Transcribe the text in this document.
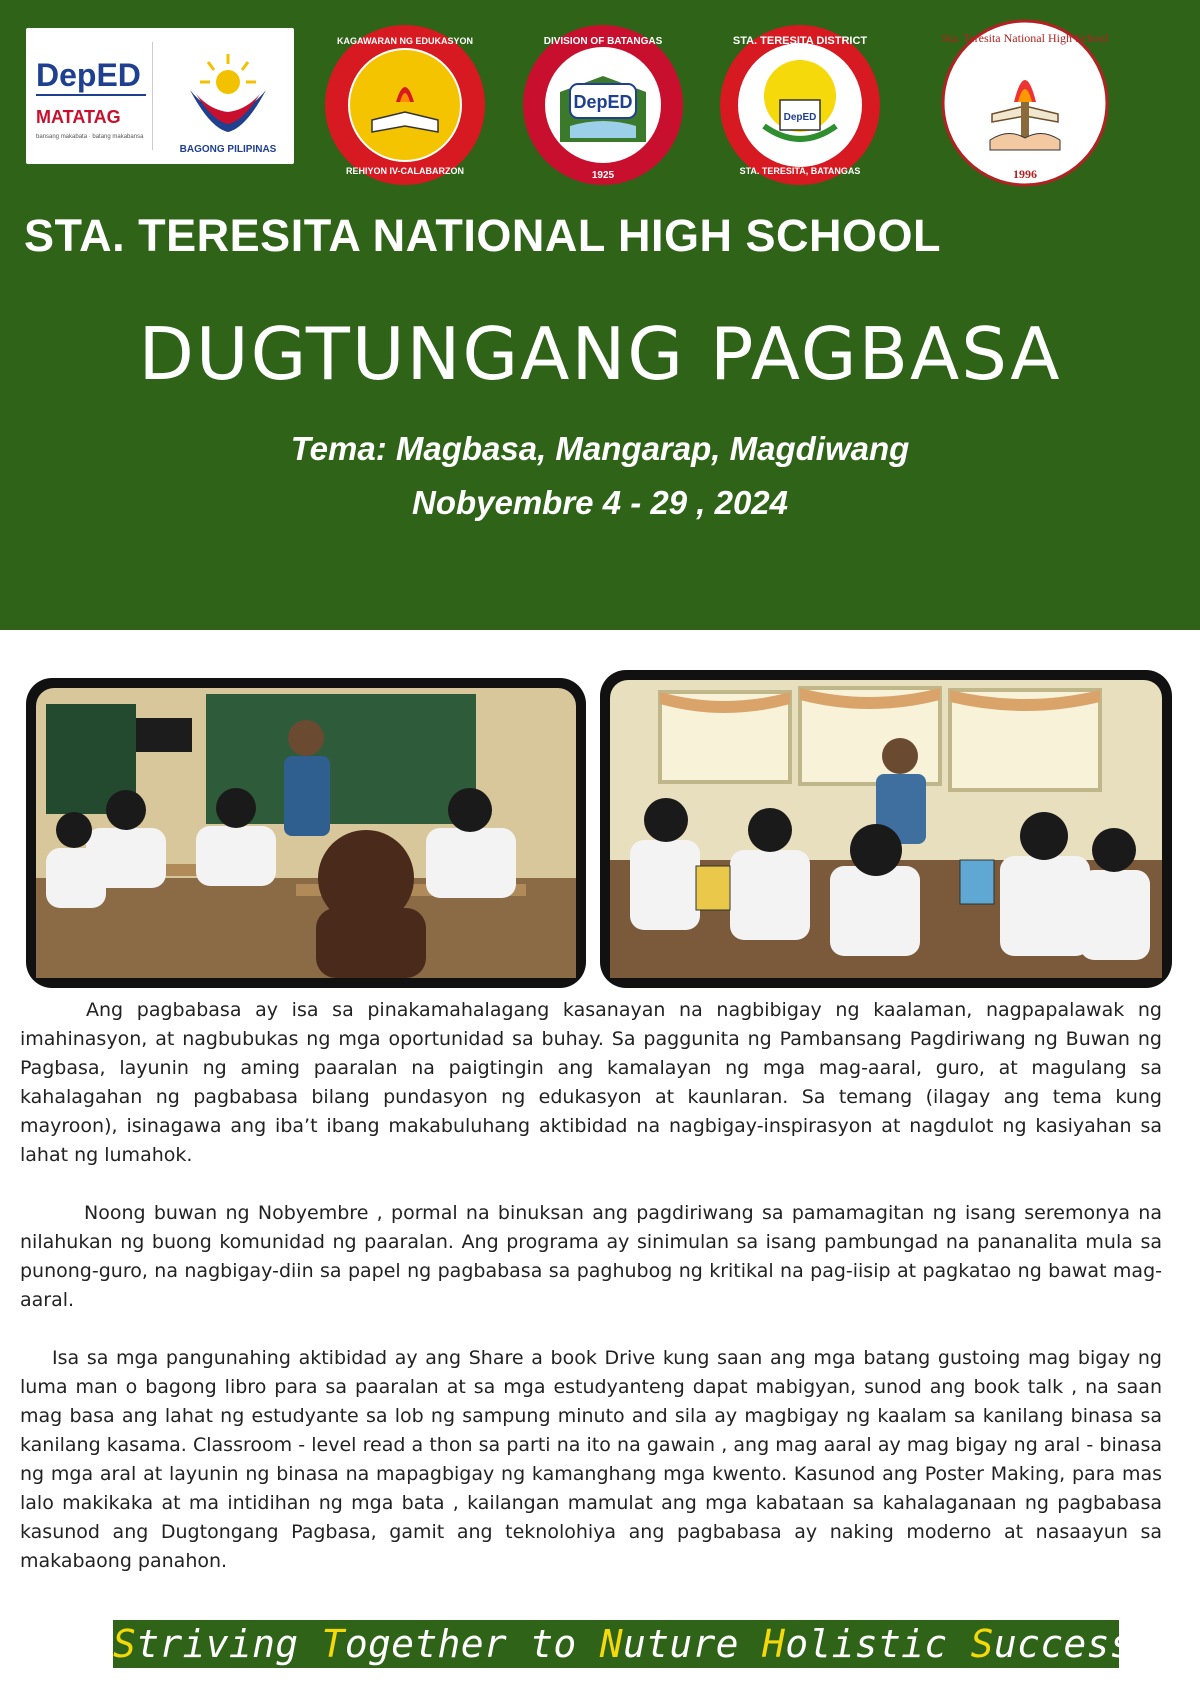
DepED
MATATAG
bansang makabata · batang makabansa
BAGONG PILIPINAS
KAGAWARAN NG EDUKASYON
REHIYON IV-CALABARZON
DepED
DIVISION OF BATANGAS
1925
DepED
STA. TERESITA DISTRICT
STA. TERESITA, BATANGAS
Sta. Teresita National High School
1996
STA. TERESITA NATIONAL HIGH SCHOOL
DUGTUNGANG PAGBASA
Tema: Magbasa, Mangarap, Magdiwang
Nobyembre 4 - 29 , 2024

Ang pagbabasa ay isa sa pinakamahalagang kasanayan na nagbibigay ng kaalaman, nagpapalawak ng imahinasyon, at nagbubukas ng mga oportunidad sa buhay. Sa paggunita ng Pambansang Pagdiriwang ng Buwan ng Pagbasa, layunin ng aming paaralan na paigtingin ang kamalayan ng mga mag-aaral, guro, at magulang sa kahalagahan ng pagbabasa bilang pundasyon ng edukasyon at kaunlaran. Sa temang (ilagay ang tema kung mayroon), isinagawa ang iba’t ibang makabuluhang aktibidad na nagbigay-inspirasyon at nagdulot ng kasiyahan sa lahat ng lumahok.

Noong buwan ng Nobyembre , pormal na binuksan ang pagdiriwang sa pamamagitan ng isang seremonya na nilahukan ng buong komunidad ng paaralan. Ang programa ay sinimulan sa isang pambungad na pananalita mula sa punong-guro, na nagbigay-diin sa papel ng pagbabasa sa paghubog ng kritikal na pag-iisip at pagkatao ng bawat mag-aaral.

Isa sa mga pangunahing aktibidad ay ang Share a book Drive kung saan ang mga batang gustoing mag bigay ng luma man o bagong libro para sa paaralan at sa mga estudyanteng dapat mabigyan, sunod ang book talk , na saan mag basa ang lahat ng estudyante sa lob ng sampung minuto and sila ay magbigay ng kaalam sa kanilang binasa sa kanilang kasama. Classroom - level read a thon sa parti na ito na gawain , ang mag aaral ay mag bigay ng aral - binasa ng mga aral at layunin ng binasa na mapagbigay ng kamanghang mga kwento. Kasunod ang Poster Making, para mas lalo makikaka at ma intidihan ng mga bata , kailangan mamulat ang mga kabataan sa kahalaganaan ng pagbabasa kasunod ang Dugtongang Pagbasa, gamit ang teknolohiya ang pagbabasa ay naking moderno at nasaayun sa makabaong panahon.

Striving Together to Nuture Holistic Success
